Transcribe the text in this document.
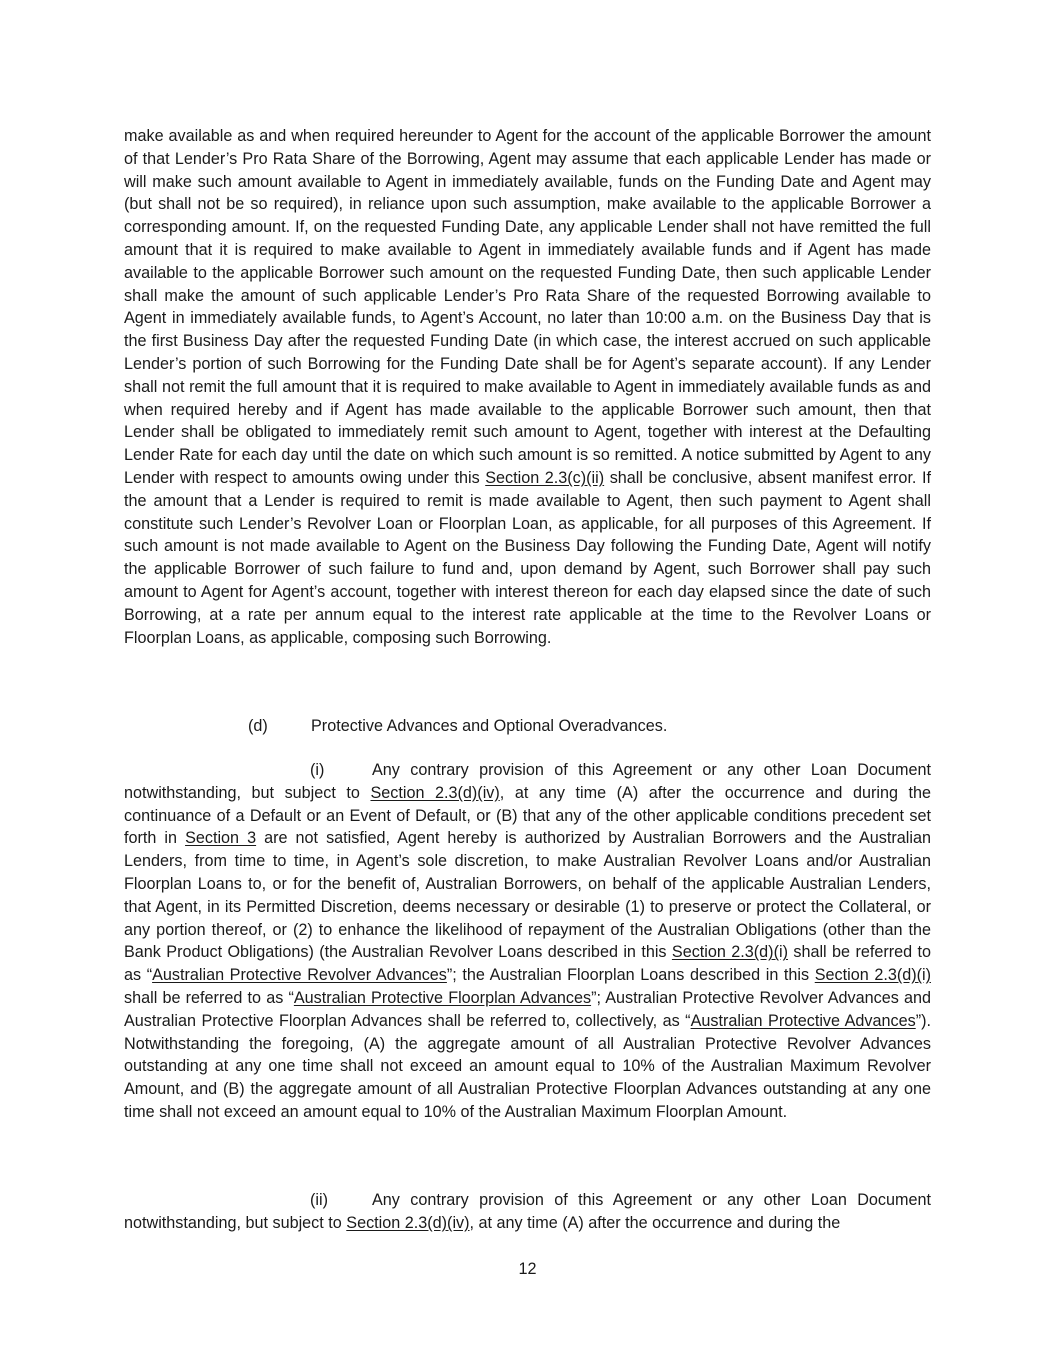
make available as and when required hereunder to Agent for the account of the applicable Borrower the amount of that Lender’s Pro Rata Share of the Borrowing, Agent may assume that each applicable Lender has made or will make such amount available to Agent in immediately available, funds on the Funding Date and Agent may (but shall not be so required), in reliance upon such assumption, make available to the applicable Borrower a corresponding amount. If, on the requested Funding Date, any applicable Lender shall not have remitted the full amount that it is required to make available to Agent in immediately available funds and if Agent has made available to the applicable Borrower such amount on the requested Funding Date, then such applicable Lender shall make the amount of such applicable Lender’s Pro Rata Share of the requested Borrowing available to Agent in immediately available funds, to Agent’s Account, no later than 10:00 a.m. on the Business Day that is the first Business Day after the requested Funding Date (in which case, the interest accrued on such applicable Lender’s portion of such Borrowing for the Funding Date shall be for Agent’s separate account). If any Lender shall not remit the full amount that it is required to make available to Agent in immediately available funds as and when required hereby and if Agent has made available to the applicable Borrower such amount, then that Lender shall be obligated to immediately remit such amount to Agent, together with interest at the Defaulting Lender Rate for each day until the date on which such amount is so remitted. A notice submitted by Agent to any Lender with respect to amounts owing under this Section 2.3(c)(ii) shall be conclusive, absent manifest error. If the amount that a Lender is required to remit is made available to Agent, then such payment to Agent shall constitute such Lender’s Revolver Loan or Floorplan Loan, as applicable, for all purposes of this Agreement. If such amount is not made available to Agent on the Business Day following the Funding Date, Agent will notify the applicable Borrower of such failure to fund and, upon demand by Agent, such Borrower shall pay such amount to Agent for Agent’s account, together with interest thereon for each day elapsed since the date of such Borrowing, at a rate per annum equal to the interest rate applicable at the time to the Revolver Loans or Floorplan Loans, as applicable, composing such Borrowing.

(d)	Protective Advances and Optional Overadvances.

(i)	Any contrary provision of this Agreement or any other Loan Document notwithstanding, but subject to Section 2.3(d)(iv), at any time (A) after the occurrence and during the continuance of a Default or an Event of Default, or (B) that any of the other applicable conditions precedent set forth in Section 3 are not satisfied, Agent hereby is authorized by Australian Borrowers and the Australian Lenders, from time to time, in Agent’s sole discretion, to make Australian Revolver Loans and/or Australian Floorplan Loans to, or for the benefit of, Australian Borrowers, on behalf of the applicable Australian Lenders, that Agent, in its Permitted Discretion, deems necessary or desirable (1) to preserve or protect the Collateral, or any portion thereof, or (2) to enhance the likelihood of repayment of the Australian Obligations (other than the Bank Product Obligations) (the Australian Revolver Loans described in this Section 2.3(d)(i) shall be referred to as “Australian Protective Revolver Advances”; the Australian Floorplan Loans described in this Section 2.3(d)(i) shall be referred to as “Australian Protective Floorplan Advances”; Australian Protective Revolver Advances and Australian Protective Floorplan Advances shall be referred to, collectively, as “Australian Protective Advances”). Notwithstanding the foregoing, (A) the aggregate amount of all Australian Protective Revolver Advances outstanding at any one time shall not exceed an amount equal to 10% of the Australian Maximum Revolver Amount, and (B) the aggregate amount of all Australian Protective Floorplan Advances outstanding at any one time shall not exceed an amount equal to 10% of the Australian Maximum Floorplan Amount.

(ii)	Any contrary provision of this Agreement or any other Loan Document notwithstanding, but subject to Section 2.3(d)(iv), at any time (A) after the occurrence and during the

12
